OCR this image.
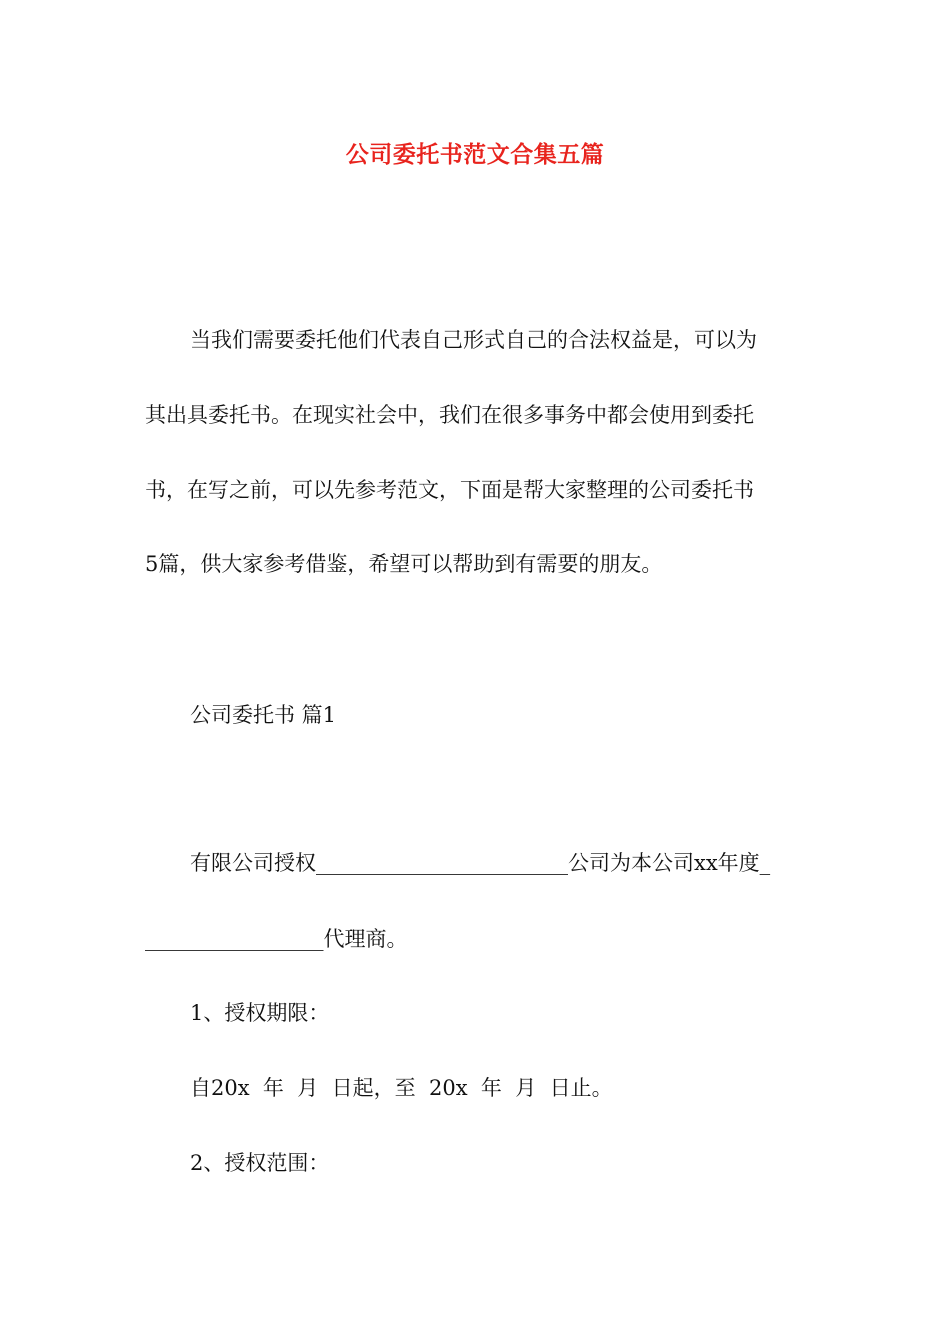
公司委托书范文合集五篇
当我们需要委托他们代表自己形式自己的合法权益是，可以为
其出具委托书。在现实社会中，我们在很多事务中都会使用到委托
书，在写之前，可以先参考范文，下面是帮大家整理的公司委托书
5篇，供大家参考借鉴，希望可以帮助到有需要的朋友。
公司委托书 篇1
有限公司授权________________________公司为本公司xx年度_
_________________代理商。
1、授权期限：
自20x  年  月  日起，至  20x  年  月  日止。
2、授权范围：
